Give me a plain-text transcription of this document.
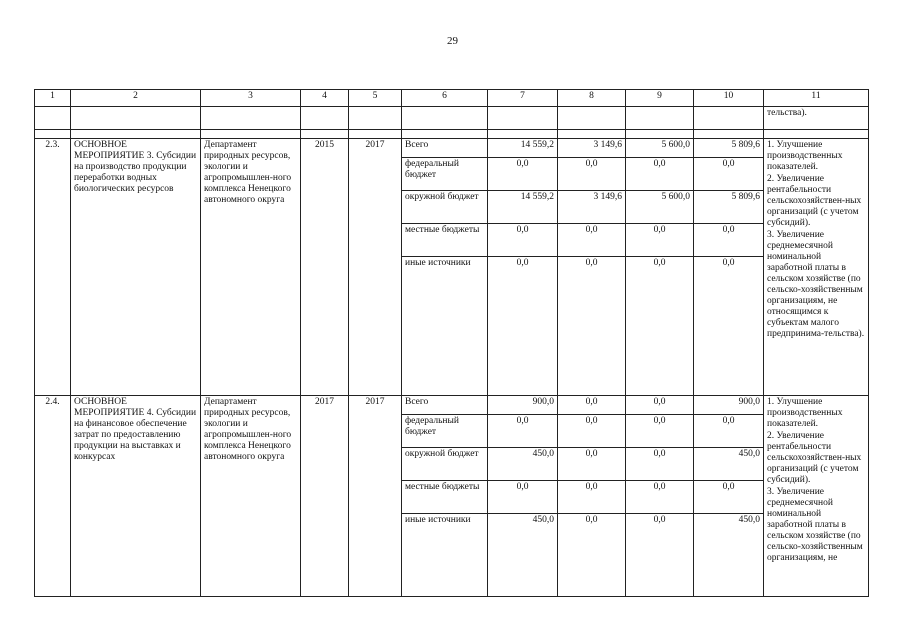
29
1	2	3	4	5	6	7	8	9	10	11
										тельства).

2.3.	ОСНОВНОЕ МЕРОПРИЯТИЕ 3. Субсидии на производство продукции переработки водных биологических ресурсов	Департамент природных ресурсов, экологии и агропромышлен-ного комплекса Ненецкого автономного округа	2015	2017	Всего	14 559,2	3 149,6	5 600,0	5 809,6	1. Улучшение производственных показателей.
2. Увеличение рентабельности сельскохозяйствен-ных организаций (с учетом субсидий).
3. Увеличение среднемесячной номинальной заработной платы в сельском хозяйстве (по сельско-хозяйственным организациям, не относящимся к субъектам малого предпринима-тельства).

					федеральный бюджет	0,0	0,0	0,0	0,0	
					окружной бюджет	14 559,2	3 149,6	5 600,0	5 809,6	
					местные бюджеты	0,0	0,0	0,0	0,0	
					иные источники	0,0	0,0	0,0	0,0	
2.4.	ОСНОВНОЕ МЕРОПРИЯТИЕ 4. Субсидии на финансовое обеспечение затрат по предоставлению продукции на выставках и конкурсах	Департамент природных ресурсов, экологии и агропромышлен-ного комплекса Ненецкого автономного округа	2017	2017	Всего	900,0	0,0	0,0	900,0	1. Улучшение производственных показателей.
2. Увеличение рентабельности сельскохозяйствен-ных организаций (с учетом субсидий).
3. Увеличение среднемесячной номинальной заработной платы в сельском хозяйстве (по сельско-хозяйственным организациям, не

					федеральный бюджет	0,0	0,0	0,0	0,0	
					окружной бюджет	450,0	0,0	0,0	450,0	
					местные бюджеты	0,0	0,0	0,0	0,0	
					иные источники	450,0	0,0	0,0	450,0	
